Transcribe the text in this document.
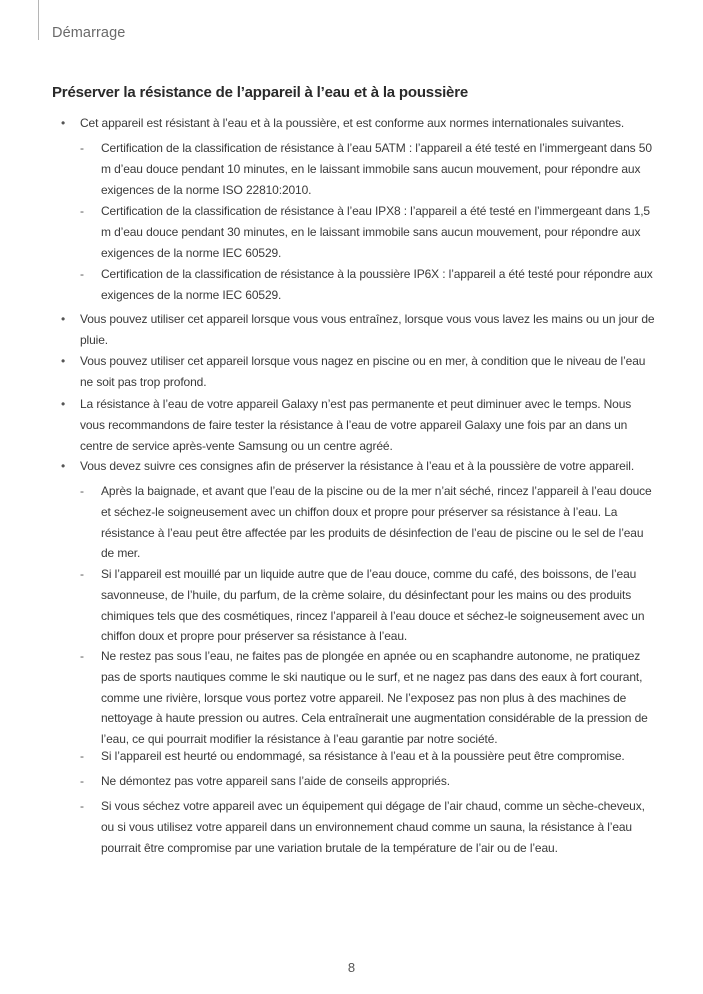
Démarrage
Préserver la résistance de l’appareil à l’eau et à la poussière
• Cet appareil est résistant à l’eau et à la poussière, et est conforme aux normes internationales suivantes.

- Certification de la classification de résistance à l’eau 5ATM : l’appareil a été testé en l’immergeant dans 50 m d’eau douce pendant 10 minutes, en le laissant immobile sans aucun mouvement, pour répondre aux exigences de la norme ISO 22810:2010.

- Certification de la classification de résistance à l’eau IPX8 : l’appareil a été testé en l’immergeant dans 1,5 m d’eau douce pendant 30 minutes, en le laissant immobile sans aucun mouvement, pour répondre aux exigences de la norme IEC 60529.

- Certification de la classification de résistance à la poussière IP6X : l’appareil a été testé pour répondre aux exigences de la norme IEC 60529.

• Vous pouvez utiliser cet appareil lorsque vous vous entraînez, lorsque vous vous lavez les mains ou un jour de pluie.

• Vous pouvez utiliser cet appareil lorsque vous nagez en piscine ou en mer, à condition que le niveau de l’eau ne soit pas trop profond.

• La résistance à l’eau de votre appareil Galaxy n’est pas permanente et peut diminuer avec le temps. Nous vous recommandons de faire tester la résistance à l’eau de votre appareil Galaxy une fois par an dans un centre de service après-vente Samsung ou un centre agréé.

• Vous devez suivre ces consignes afin de préserver la résistance à l’eau et à la poussière de votre appareil.

- Après la baignade, et avant que l’eau de la piscine ou de la mer n’ait séché, rincez l’appareil à l’eau douce et séchez-le soigneusement avec un chiffon doux et propre pour préserver sa résistance à l’eau. La résistance à l’eau peut être affectée par les produits de désinfection de l’eau de piscine ou le sel de l’eau de mer.

- Si l’appareil est mouillé par un liquide autre que de l’eau douce, comme du café, des boissons, de l’eau savonneuse, de l’huile, du parfum, de la crème solaire, du désinfectant pour les mains ou des produits chimiques tels que des cosmétiques, rincez l’appareil à l’eau douce et séchez-le soigneusement avec un chiffon doux et propre pour préserver sa résistance à l’eau.

- Ne restez pas sous l’eau, ne faites pas de plongée en apnée ou en scaphandre autonome, ne pratiquez pas de sports nautiques comme le ski nautique ou le surf, et ne nagez pas dans des eaux à fort courant, comme une rivière, lorsque vous portez votre appareil. Ne l’exposez pas non plus à des machines de nettoyage à haute pression ou autres. Cela entraînerait une augmentation considérable de la pression de l’eau, ce qui pourrait modifier la résistance à l’eau garantie par notre société.

- Si l’appareil est heurté ou endommagé, sa résistance à l’eau et à la poussière peut être compromise.

- Ne démontez pas votre appareil sans l’aide de conseils appropriés.

- Si vous séchez votre appareil avec un équipement qui dégage de l’air chaud, comme un sèche-cheveux, ou si vous utilisez votre appareil dans un environnement chaud comme un sauna, la résistance à l’eau pourrait être compromise par une variation brutale de la température de l’air ou de l’eau.

8
